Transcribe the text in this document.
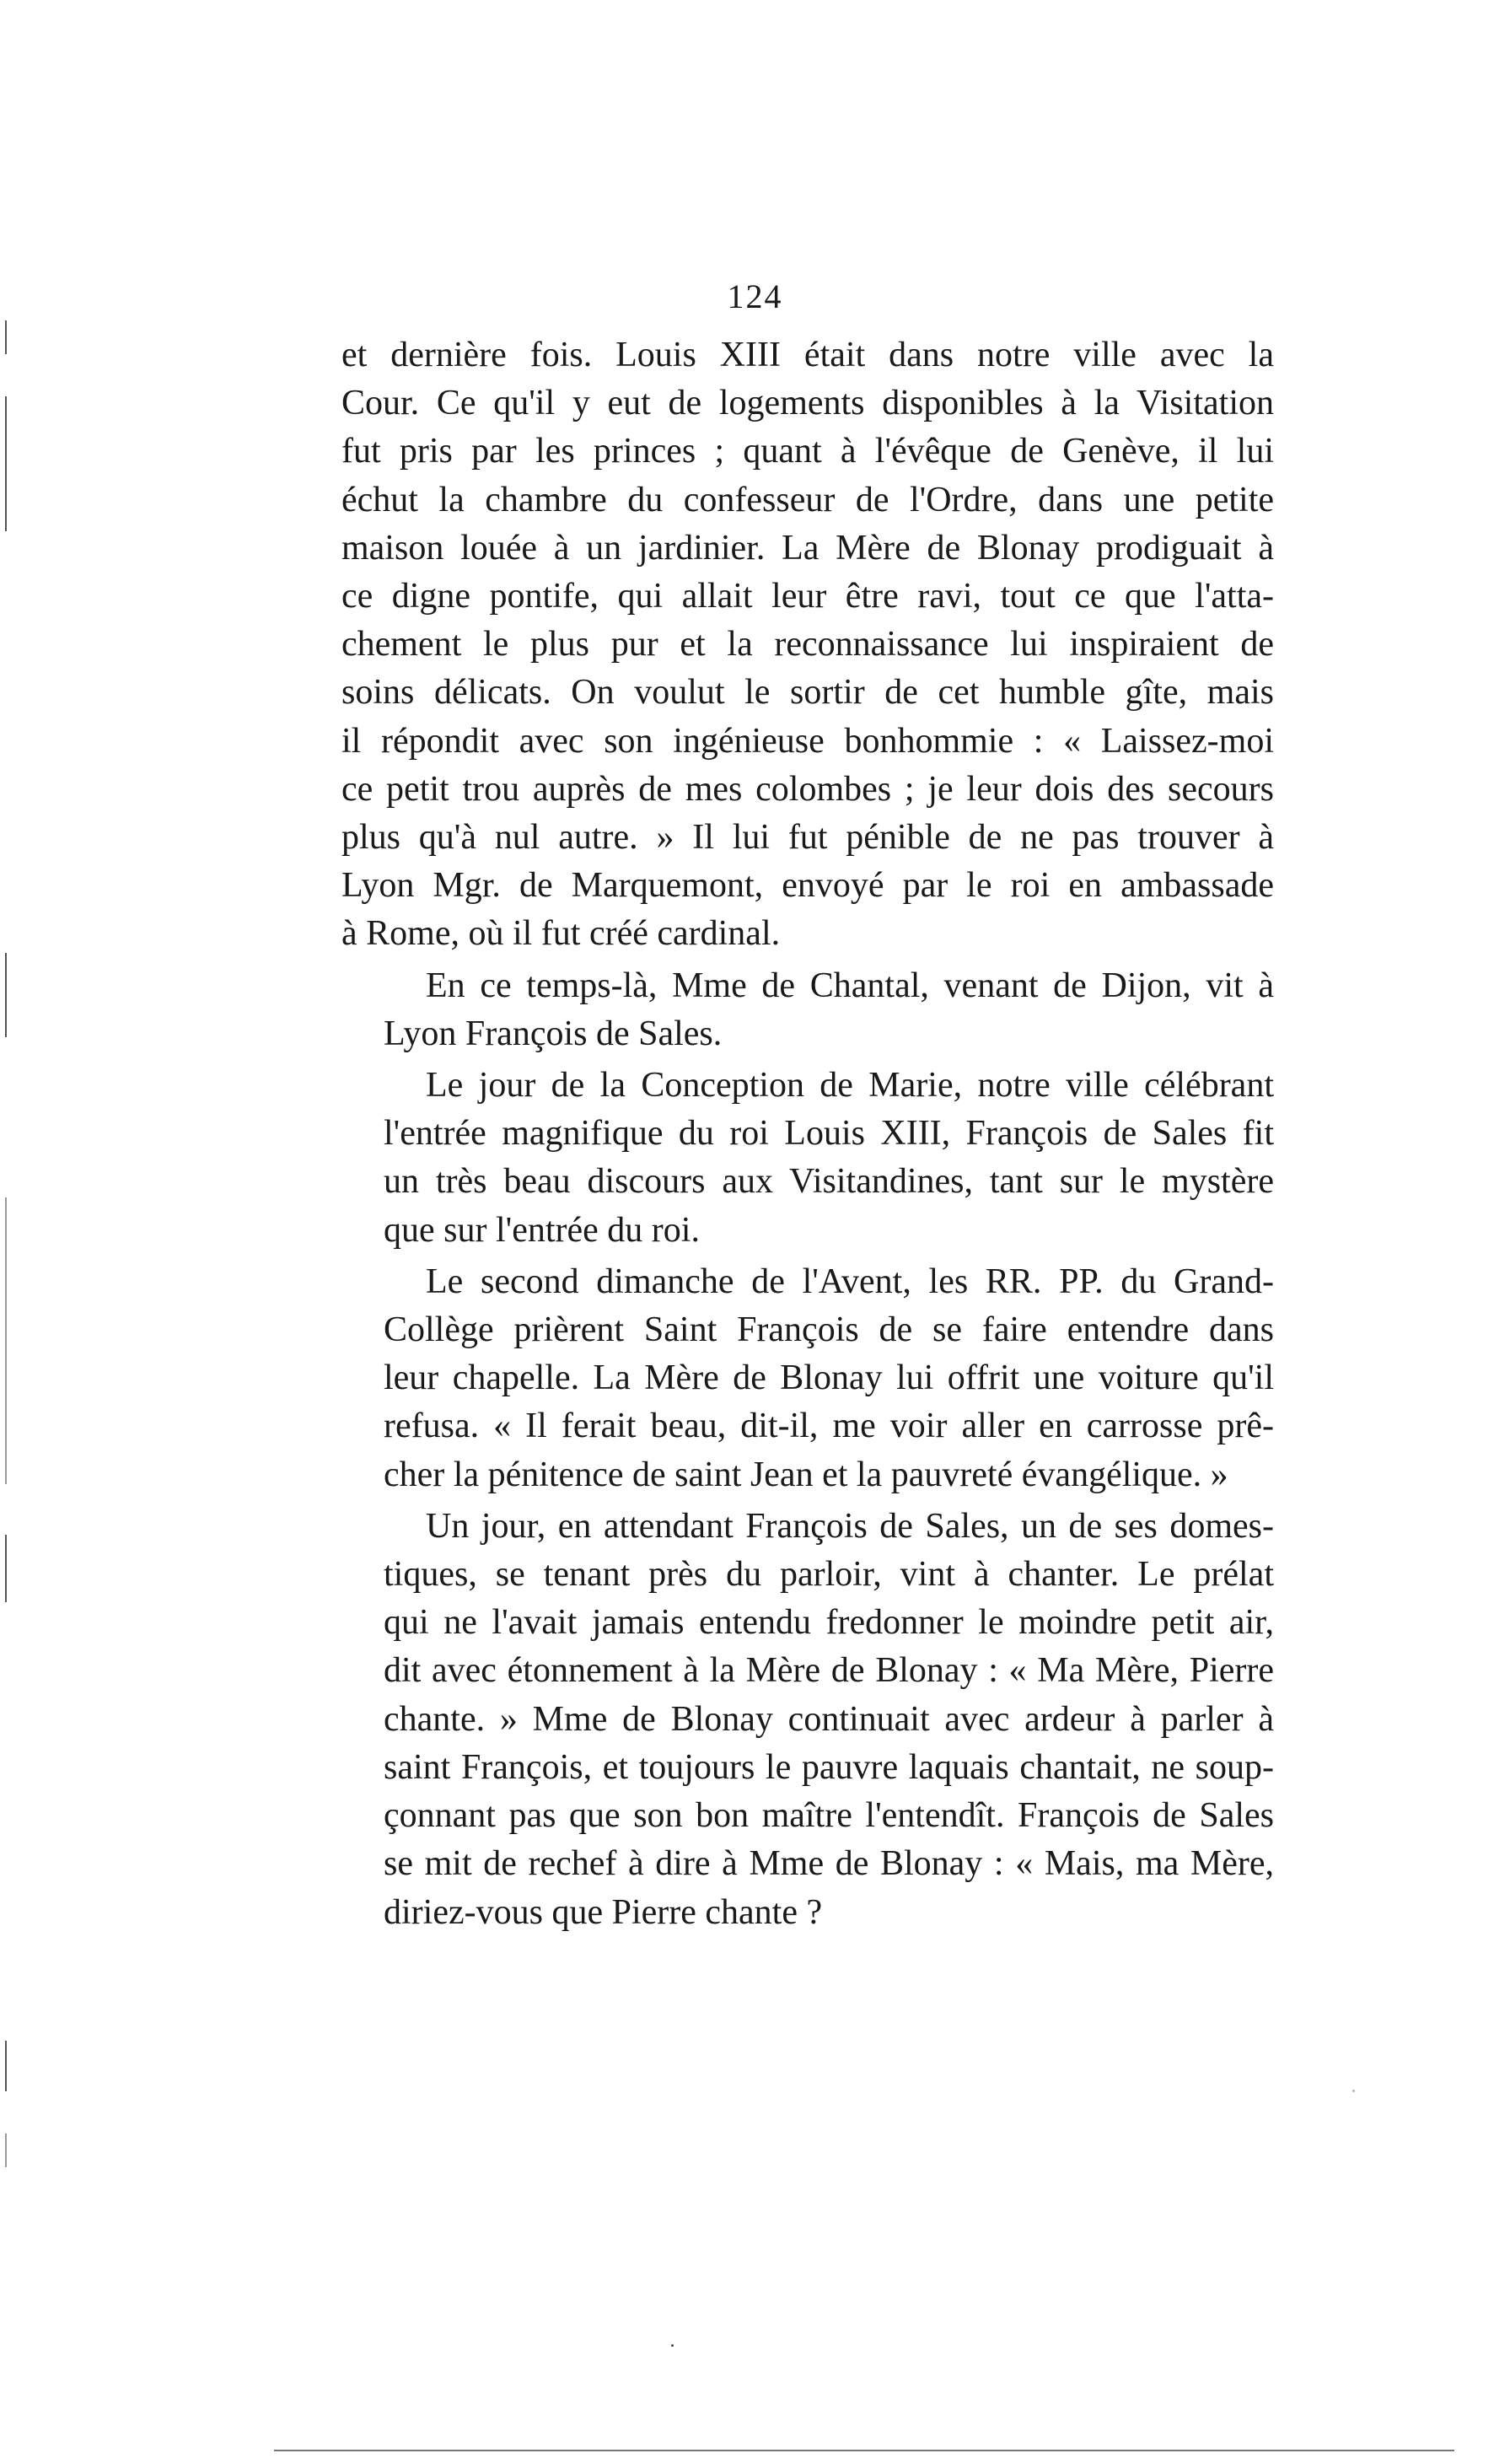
124

et dernière fois. Louis XIII était dans notre ville avec la
Cour. Ce qu'il y eut de logements disponibles à la Visitation
fut pris par les princes ; quant à l'évêque de Genève, il lui
échut la chambre du confesseur de l'Ordre, dans une petite
maison louée à un jardinier. La Mère de Blonay prodiguait à
ce digne pontife, qui allait leur être ravi, tout ce que l'atta-
chement le plus pur et la reconnaissance lui inspiraient de
soins délicats. On voulut le sortir de cet humble gîte, mais
il répondit avec son ingénieuse bonhommie : « Laissez-moi
ce petit trou auprès de mes colombes ; je leur dois des secours
plus qu'à nul autre. » Il lui fut pénible de ne pas trouver à
Lyon Mgr. de Marquemont, envoyé par le roi en ambassade
à Rome, où il fut créé cardinal.

En ce temps-là, Mme de Chantal, venant de Dijon, vit à
Lyon François de Sales.

Le jour de la Conception de Marie, notre ville célébrant
l'entrée magnifique du roi Louis XIII, François de Sales fit
un très beau discours aux Visitandines, tant sur le mystère
que sur l'entrée du roi.

Le second dimanche de l'Avent, les RR. PP. du Grand-
Collège prièrent Saint François de se faire entendre dans
leur chapelle. La Mère de Blonay lui offrit une voiture qu'il
refusa. « Il ferait beau, dit-il, me voir aller en carrosse prê-
cher la pénitence de saint Jean et la pauvreté évangélique. »

Un jour, en attendant François de Sales, un de ses domes-
tiques, se tenant près du parloir, vint à chanter. Le prélat
qui ne l'avait jamais entendu fredonner le moindre petit air,
dit avec étonnement à la Mère de Blonay : « Ma Mère, Pierre
chante. » Mme de Blonay continuait avec ardeur à parler à
saint François, et toujours le pauvre laquais chantait, ne soup-
çonnant pas que son bon maître l'entendît. François de Sales
se mit de rechef à dire à Mme de Blonay : « Mais, ma Mère,
diriez-vous que Pierre chante ?
